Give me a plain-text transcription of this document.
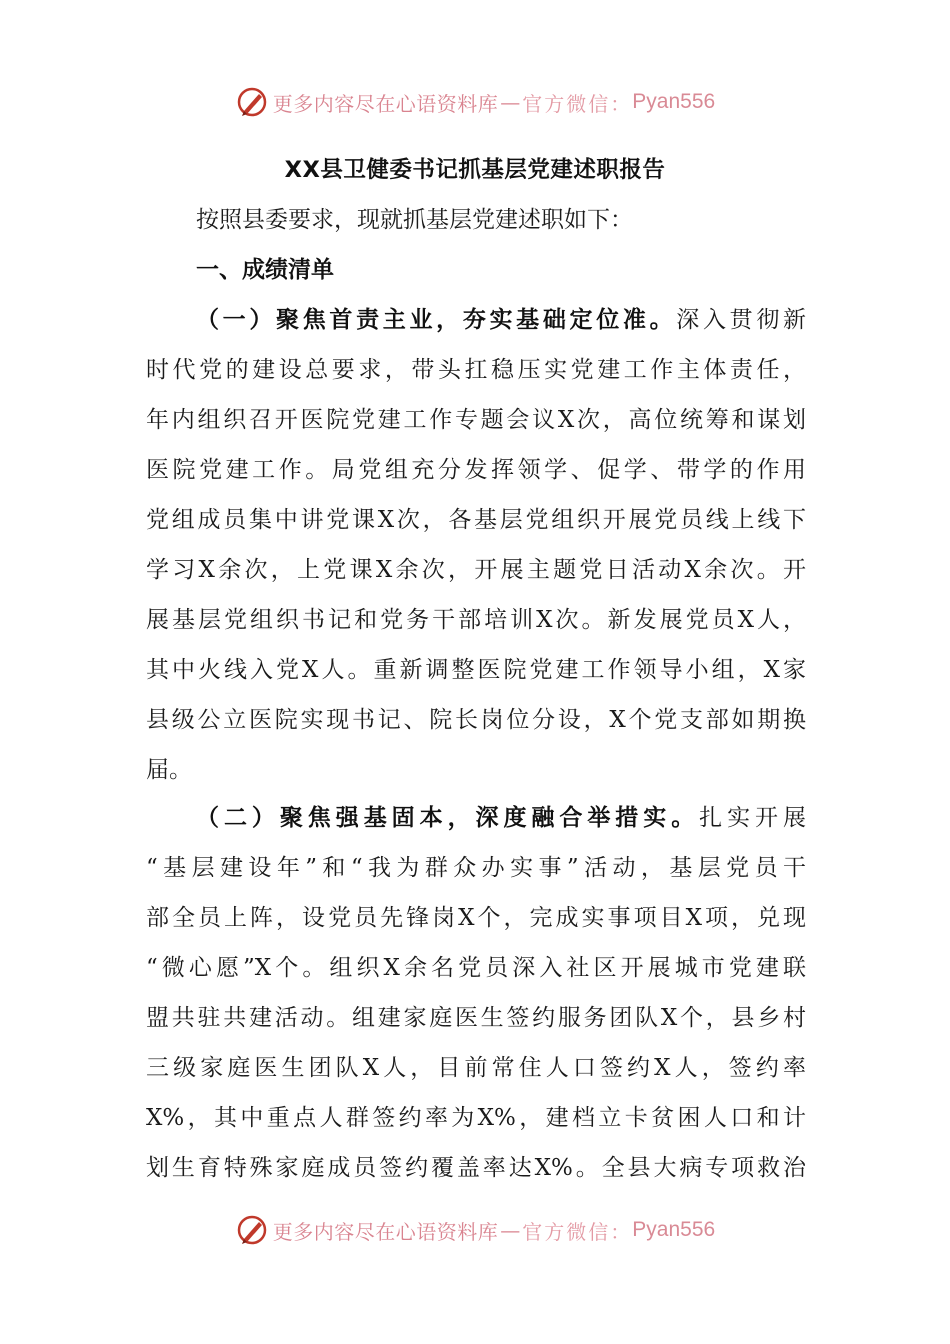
更多内容尽在心语资料库 — 官方微信： Pyan556
XX县卫健委书记抓基层党建述职报告
按照县委要求，现就抓基层党建述职如下：
一、成绩清单
（一）聚焦首责主业，夯实基础定位准。深入贯彻新
时代党的建设总要求，带头扛稳压实党建工作主体责任，
年内组织召开医院党建工作专题会议X次，高位统筹和谋划
医院党建工作。局党组充分发挥领学、促学、带学的作用
党组成员集中讲党课X次，各基层党组织开展党员线上线下
学习X余次，上党课X余次，开展主题党日活动X余次。开
展基层党组织书记和党务干部培训X次。新发展党员X人，
其中火线入党X人。重新调整医院党建工作领导小组，X家
县级公立医院实现书记、院长岗位分设，X个党支部如期换
届。
（二）聚焦强基固本，深度融合举措实。扎实开展
“基层建设年”和“我为群众办实事”活动，基层党员干
部全员上阵，设党员先锋岗X个，完成实事项目X项，兑现
“微心愿”X个。组织X余名党员深入社区开展城市党建联
盟共驻共建活动。组建家庭医生签约服务团队X个，县乡村
三级家庭医生团队X人，目前常住人口签约X人，签约率
X%，其中重点人群签约率为X%，建档立卡贫困人口和计
划生育特殊家庭成员签约覆盖率达X%。全县大病专项救治
更多内容尽在心语资料库 — 官方微信： Pyan556
